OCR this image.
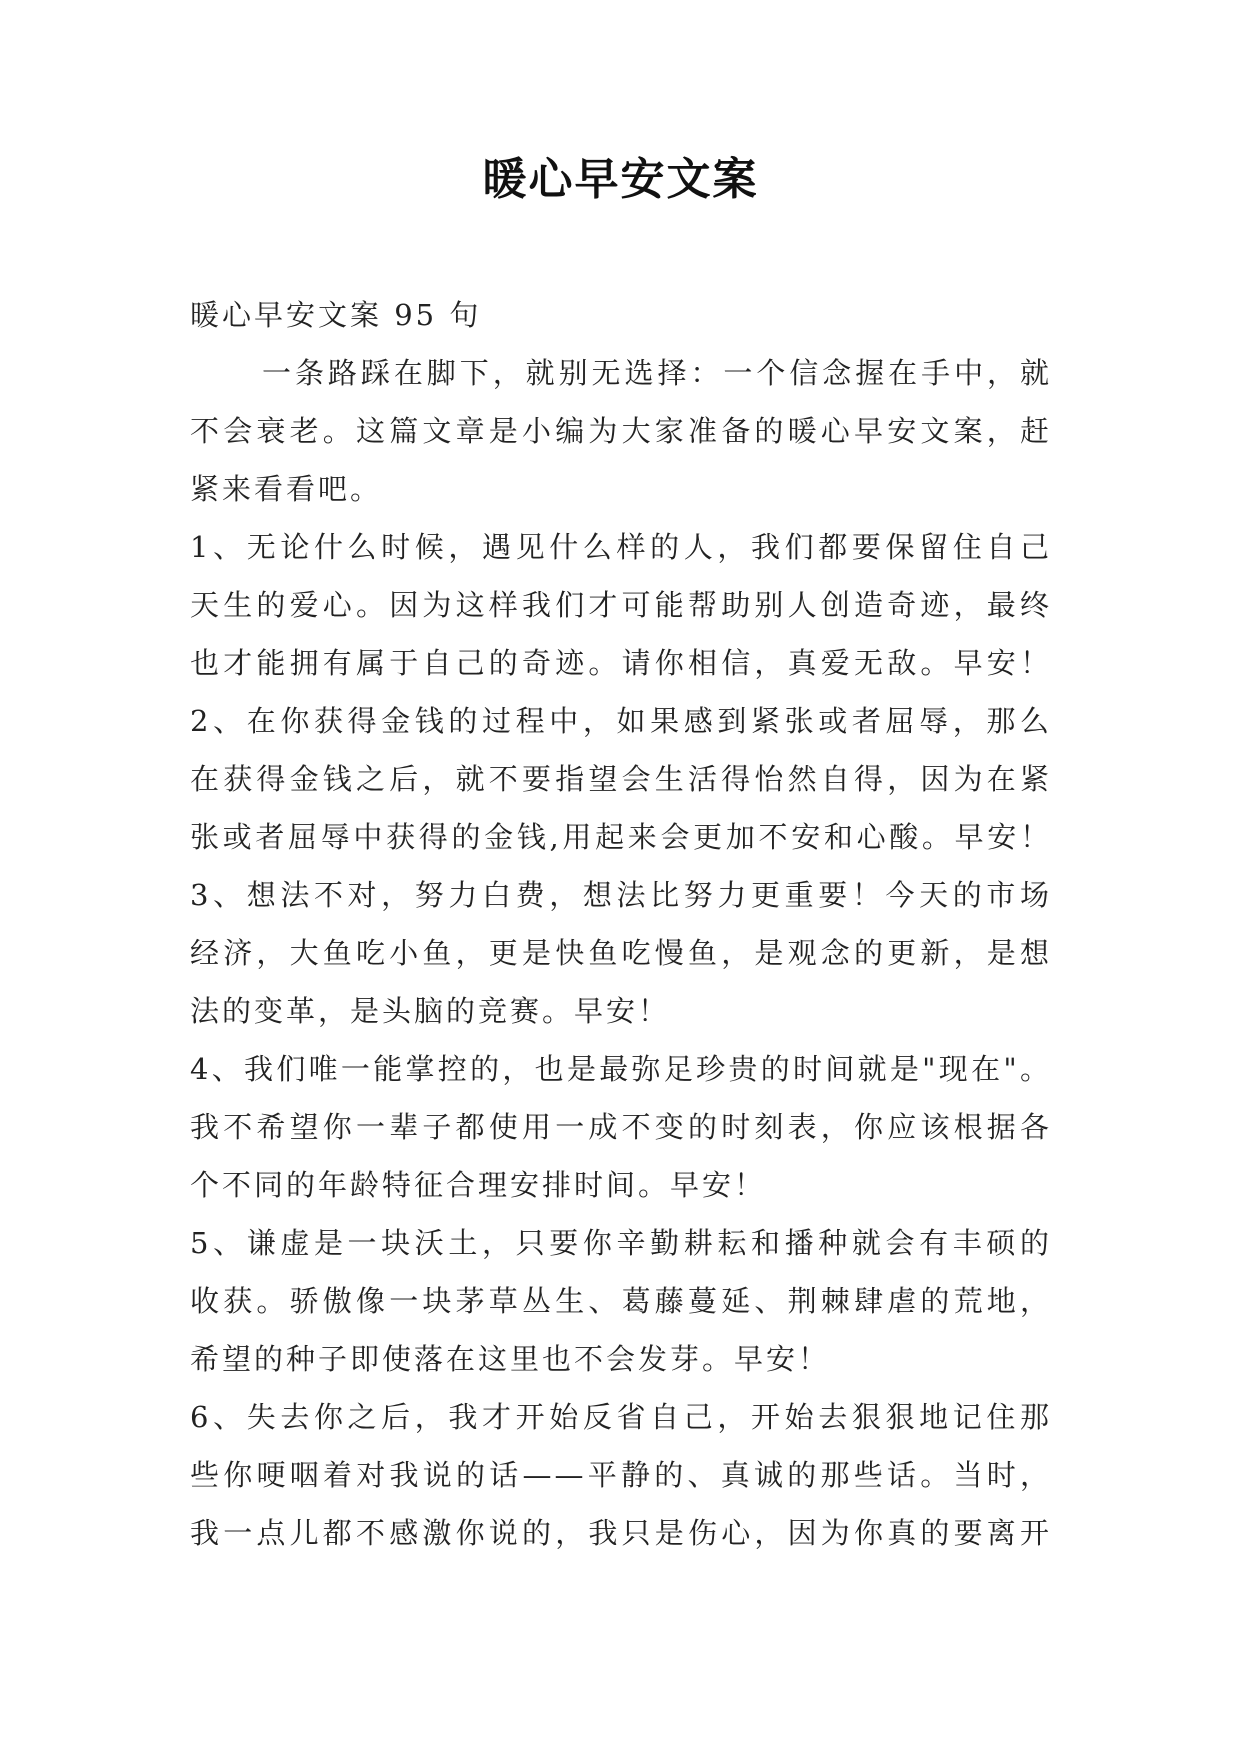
暖心早安文案
暖心早安文案 95 句
一条路踩在脚下，就别无选择：一个信念握在手中，就
不会衰老。这篇文章是小编为大家准备的暖心早安文案，赶
紧来看看吧。
1、无论什么时候，遇见什么样的人，我们都要保留住自己
天生的爱心。因为这样我们才可能帮助别人创造奇迹，最终
也才能拥有属于自己的奇迹。请你相信，真爱无敌。早安！
2、在你获得金钱的过程中，如果感到紧张或者屈辱，那么
在获得金钱之后，就不要指望会生活得怡然自得，因为在紧
张或者屈辱中获得的金钱,用起来会更加不安和心酸。早安！
3、想法不对，努力白费，想法比努力更重要！今天的市场
经济，大鱼吃小鱼，更是快鱼吃慢鱼，是观念的更新，是想
法的变革，是头脑的竞赛。早安！
4、我们唯一能掌控的，也是最弥足珍贵的时间就是"现在"。
我不希望你一辈子都使用一成不变的时刻表，你应该根据各
个不同的年龄特征合理安排时间。早安！
5、谦虚是一块沃土，只要你辛勤耕耘和播种就会有丰硕的
收获。骄傲像一块茅草丛生、葛藤蔓延、荆棘肆虐的荒地，
希望的种子即使落在这里也不会发芽。早安！
6、失去你之后，我才开始反省自己，开始去狠狠地记住那
些你哽咽着对我说的话——平静的、真诚的那些话。当时，
我一点儿都不感激你说的，我只是伤心，因为你真的要离开
